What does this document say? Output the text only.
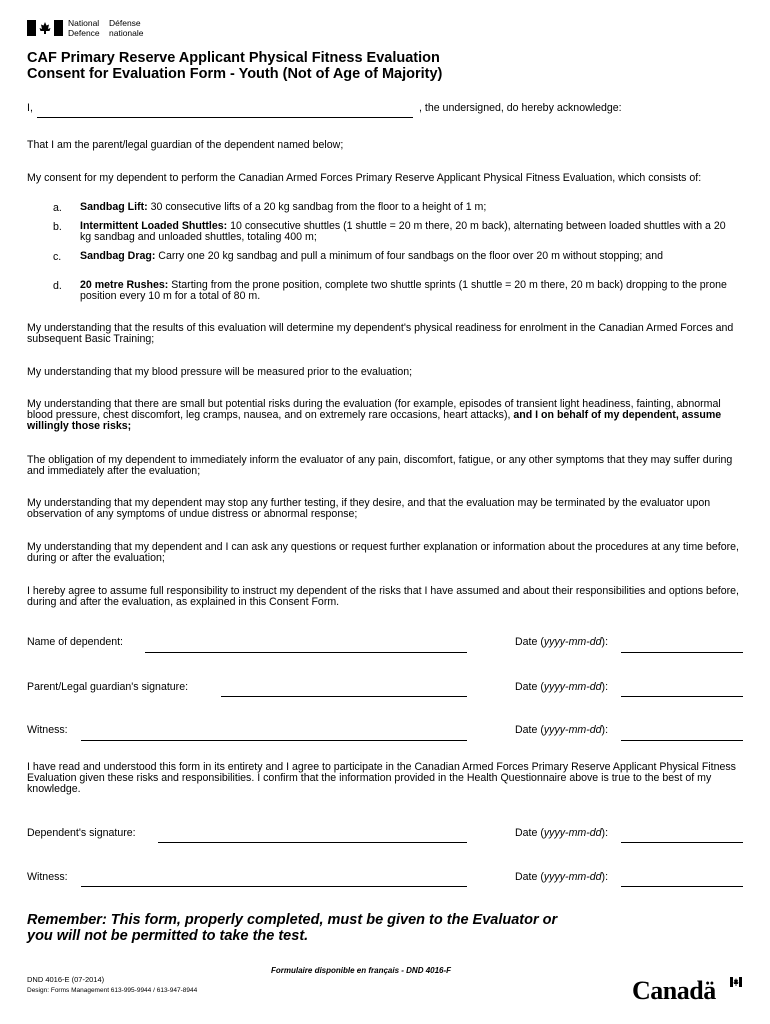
National
Defence
Défense
nationale
CAF Primary Reserve Applicant Physical Fitness Evaluation
Consent for Evaluation Form - Youth (Not of Age of Majority)
I,	, the undersigned, do hereby acknowledge:
That I am the parent/legal guardian of the dependent named below;
My consent for my dependent to perform the Canadian Armed Forces Primary Reserve Applicant Physical Fitness Evaluation, which consists of:
a. Sandbag Lift: 30 consecutive lifts of a 20 kg sandbag from the floor to a height of 1 m;
b. Intermittent Loaded Shuttles: 10 consecutive shuttles (1 shuttle = 20 m there, 20 m back), alternating between loaded shuttles with a 20 kg sandbag and unloaded shuttles, totaling 400 m;
c. Sandbag Drag: Carry one 20 kg sandbag and pull a minimum of four sandbags on the floor over 20 m without stopping; and
d. 20 metre Rushes: Starting from the prone position, complete two shuttle sprints (1 shuttle = 20 m there, 20 m back) dropping to the prone position every 10 m for a total of 80 m.
My understanding that the results of this evaluation will determine my dependent's physical readiness for enrolment in the Canadian Armed Forces and subsequent Basic Training;
My understanding that my blood pressure will be measured prior to the evaluation;
My understanding that there are small but potential risks during the evaluation (for example, episodes of transient light headiness, fainting, abnormal blood pressure, chest discomfort, leg cramps, nausea, and on extremely rare occasions, heart attacks), and I on behalf of my dependent, assume willingly those risks;
The obligation of my dependent to immediately inform the evaluator of any pain, discomfort, fatigue, or any other symptoms that they may suffer during and immediately after the evaluation;
My understanding that my dependent may stop any further testing, if they desire, and that the evaluation may be terminated by the evaluator upon observation of any symptoms of undue distress or abnormal response;
My understanding that my dependent and I can ask any questions or request further explanation or information about the procedures at any time before, during or after the evaluation;
I hereby agree to assume full responsibility to instruct my dependent of the risks that I have assumed and about their responsibilities and options before, during and after the evaluation, as explained in this Consent Form.
Name of dependent:	Date (yyyy-mm-dd):
Parent/Legal guardian's signature:	Date (yyyy-mm-dd):
Witness:	Date (yyyy-mm-dd):
I have read and understood this form in its entirety and I agree to participate in the Canadian Armed Forces Primary Reserve Applicant Physical Fitness Evaluation given these risks and responsibilities. I confirm that the information provided in the Health Questionnaire above is true to the best of my knowledge.
Dependent's signature:	Date (yyyy-mm-dd):
Witness:	Date (yyyy-mm-dd):
Remember: This form, properly completed, must be given to the Evaluator or
you will not be permitted to take the test.
Formulaire disponible en français - DND 4016-F
DND 4016-E (07-2014)
Design: Forms Management 613-995-9944 / 613-947-8944	Canadä
